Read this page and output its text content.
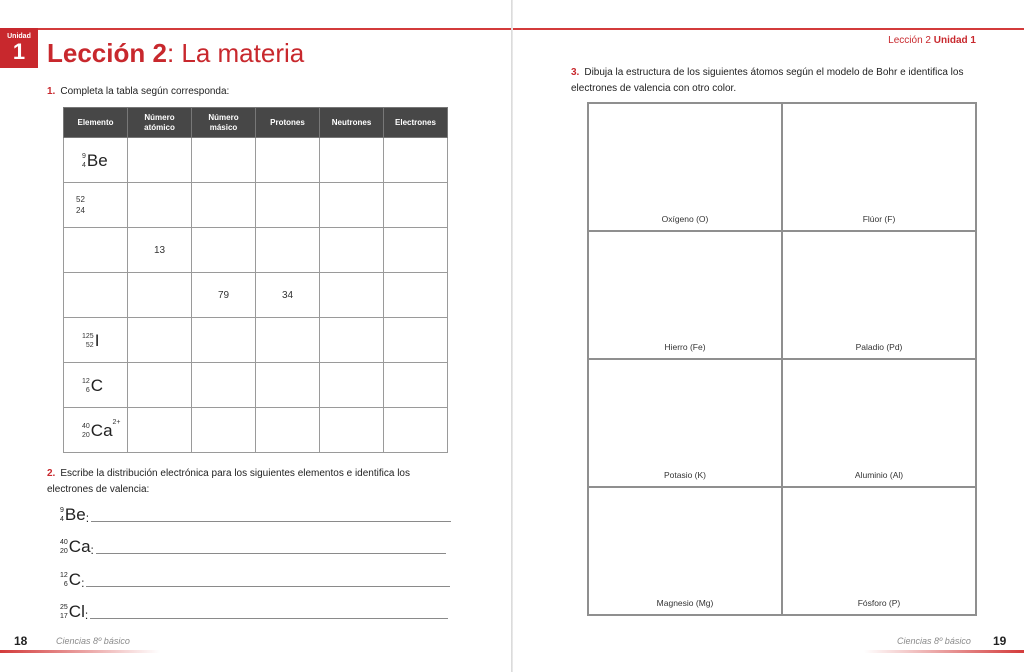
Unidad
1 Lección 2: La materia
1. Completa la tabla según corresponda:
Elemento	Número atómico	Número másico	Protones	Neutrones	Electrones

9
4 Be					

52
24					

	13				
		79	34		

125
52 I					

12
6 C					

40
20 Ca 2+					

2. Escribe la distribución electrónica para los siguientes elementos e identifica los electrones de valencia:
9
4 Be :
40
20 Ca :
12
6 C :
25
17 Cl :
18	Ciencias 8º básico
Lección 2 Unidad 1
3. Dibuja la estructura de los siguientes átomos según el modelo de Bohr e identifica los electrones de valencia con otro color.
Oxígeno (O)	Flúor (F)
Hierro (Fe)	Paladio (Pd)
Potasio (K)	Aluminio (Al)
Magnesio (Mg)	Fósforo (P)
Ciencias 8º básico 19
